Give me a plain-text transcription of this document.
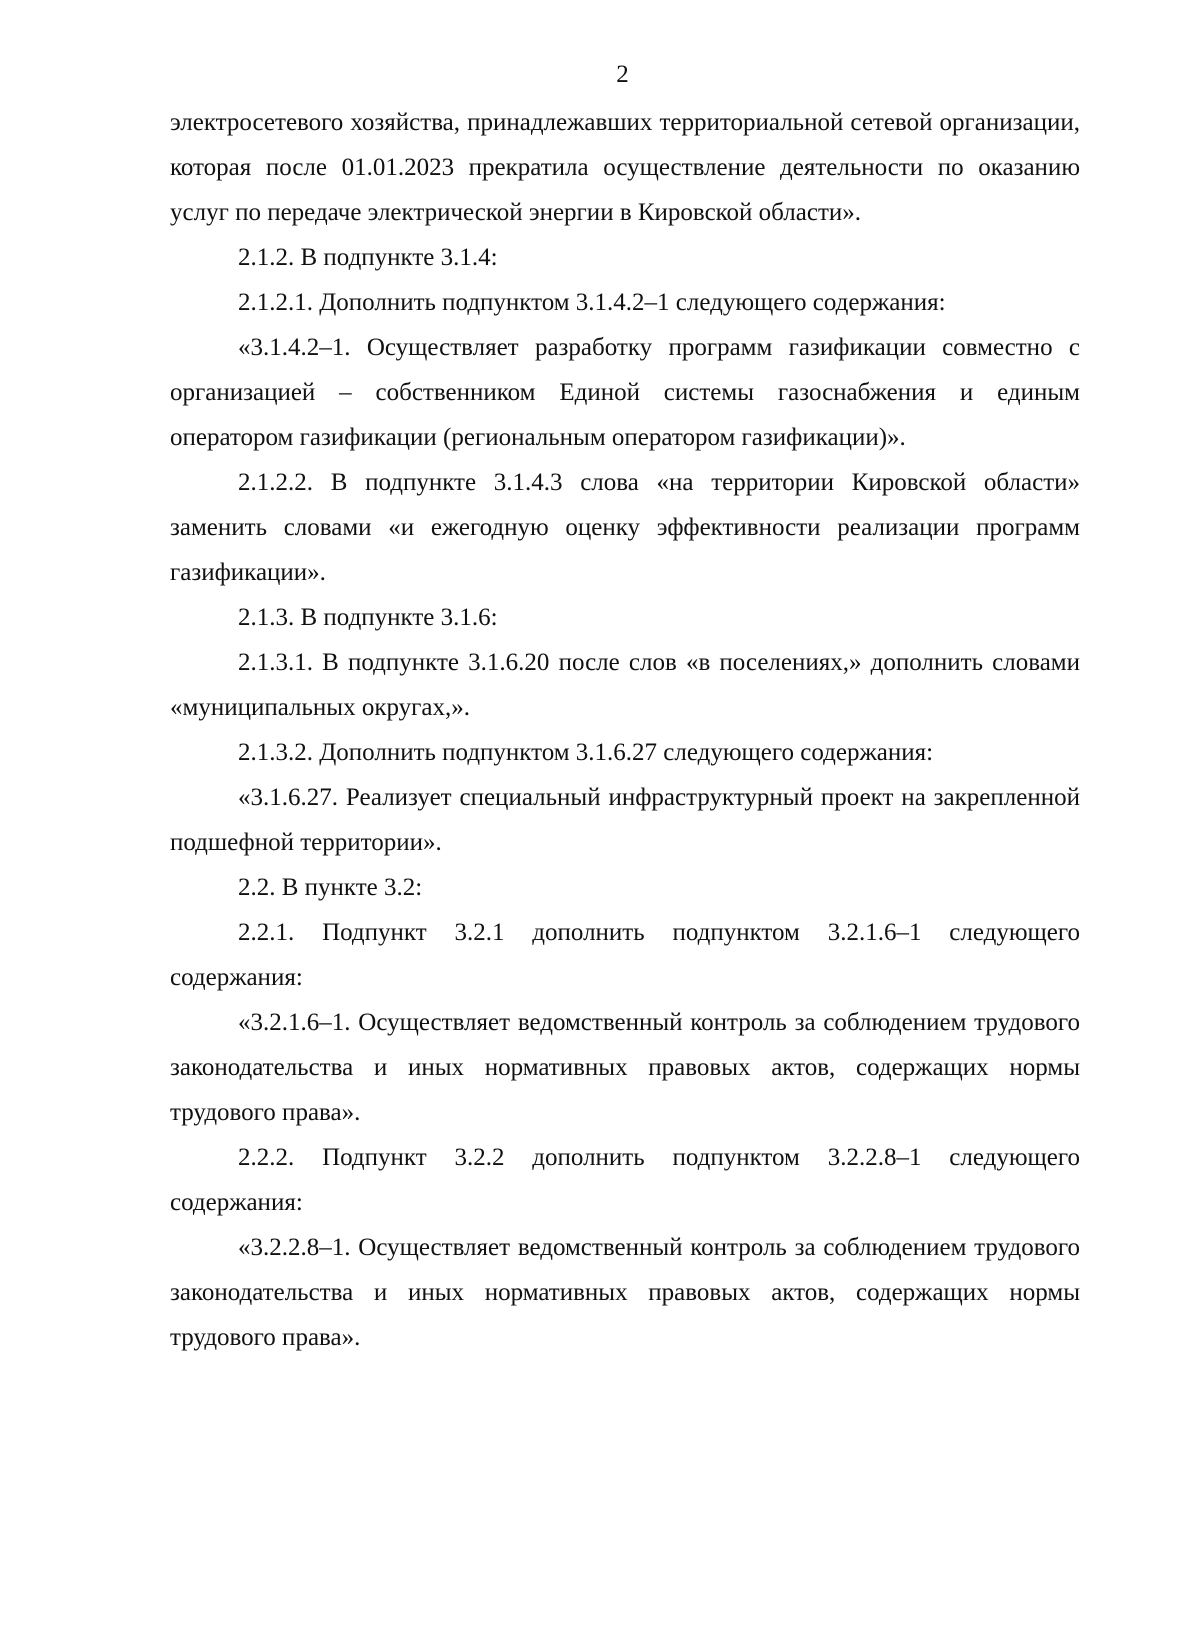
2

электросетевого хозяйства, принадлежавших территориальной сетевой организации, которая после 01.01.2023 прекратила осуществление деятельности по оказанию услуг по передаче электрической энергии в Кировской области».

2.1.2. В подпункте 3.1.4:

2.1.2.1. Дополнить подпунктом 3.1.4.2–1 следующего содержания:

«3.1.4.2–1. Осуществляет разработку программ газификации совместно с организацией – собственником Единой системы газоснабжения и единым оператором газификации (региональным оператором газификации)».

2.1.2.2. В подпункте 3.1.4.3 слова «на территории Кировской области» заменить словами «и ежегодную оценку эффективности реализации программ газификации».

2.1.3. В подпункте 3.1.6:

2.1.3.1. В подпункте 3.1.6.20 после слов «в поселениях,» дополнить словами «муниципальных округах,».

2.1.3.2. Дополнить подпунктом 3.1.6.27 следующего содержания:

«3.1.6.27. Реализует специальный инфраструктурный проект на закрепленной подшефной территории».

2.2. В пункте 3.2:

2.2.1. Подпункт 3.2.1 дополнить подпунктом 3.2.1.6–1 следующего содержания:

«3.2.1.6–1. Осуществляет ведомственный контроль за соблюдением трудового законодательства и иных нормативных правовых актов, содержащих нормы трудового права».

2.2.2. Подпункт 3.2.2 дополнить подпунктом 3.2.2.8–1 следующего содержания:

«3.2.2.8–1. Осуществляет ведомственный контроль за соблюдением трудового законодательства и иных нормативных правовых актов, содержащих нормы трудового права».
